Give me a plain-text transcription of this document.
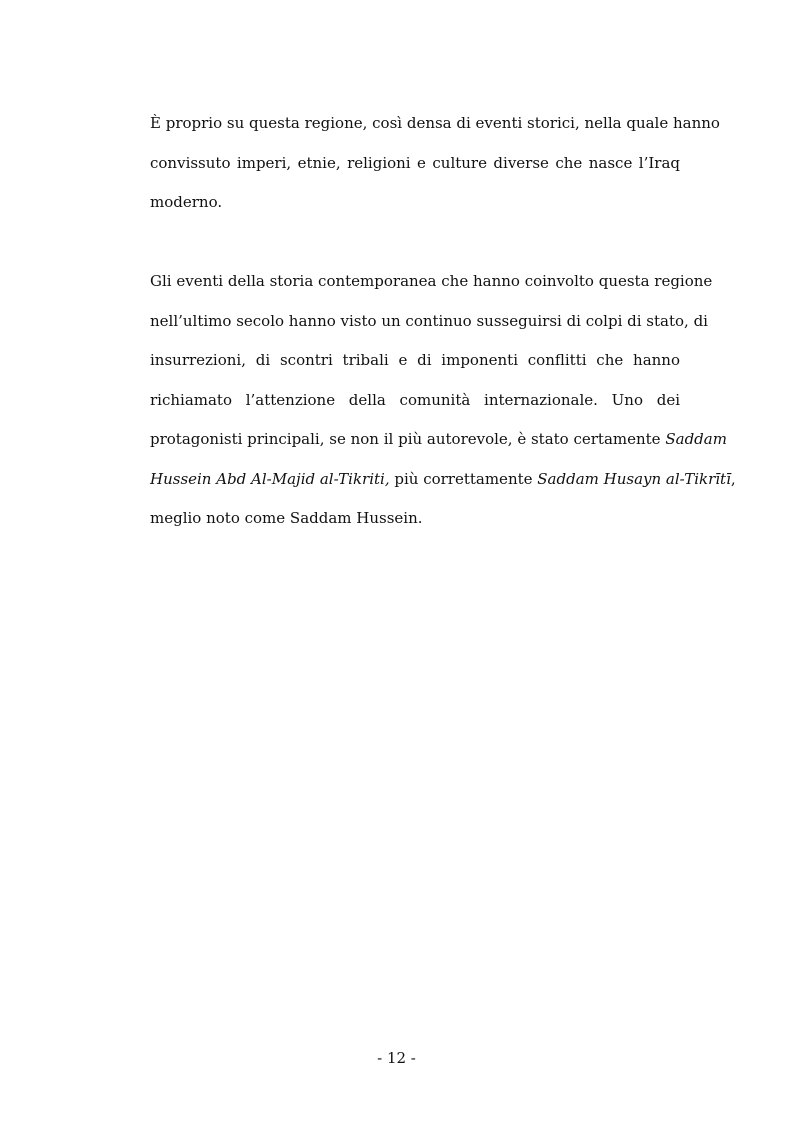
È proprio su questa regione, così densa di eventi storici, nella quale hanno
convissuto imperi, etnie, religioni e culture diverse che nasce l’Iraq
moderno.
Gli eventi della storia contemporanea che hanno coinvolto questa regione
nell’ultimo secolo hanno visto un continuo susseguirsi di colpi di stato, di
insurrezioni, di scontri tribali e di imponenti conflitti che hanno
richiamato l’attenzione della comunità internazionale. Uno dei
protagonisti principali, se non il più autorevole, è stato certamente Saddam
Hussein Abd Al-Majid al-Tikriti, più correttamente Saddam Husayn al-Tikrītī,
meglio noto come Saddam Hussein.
- 12 -
